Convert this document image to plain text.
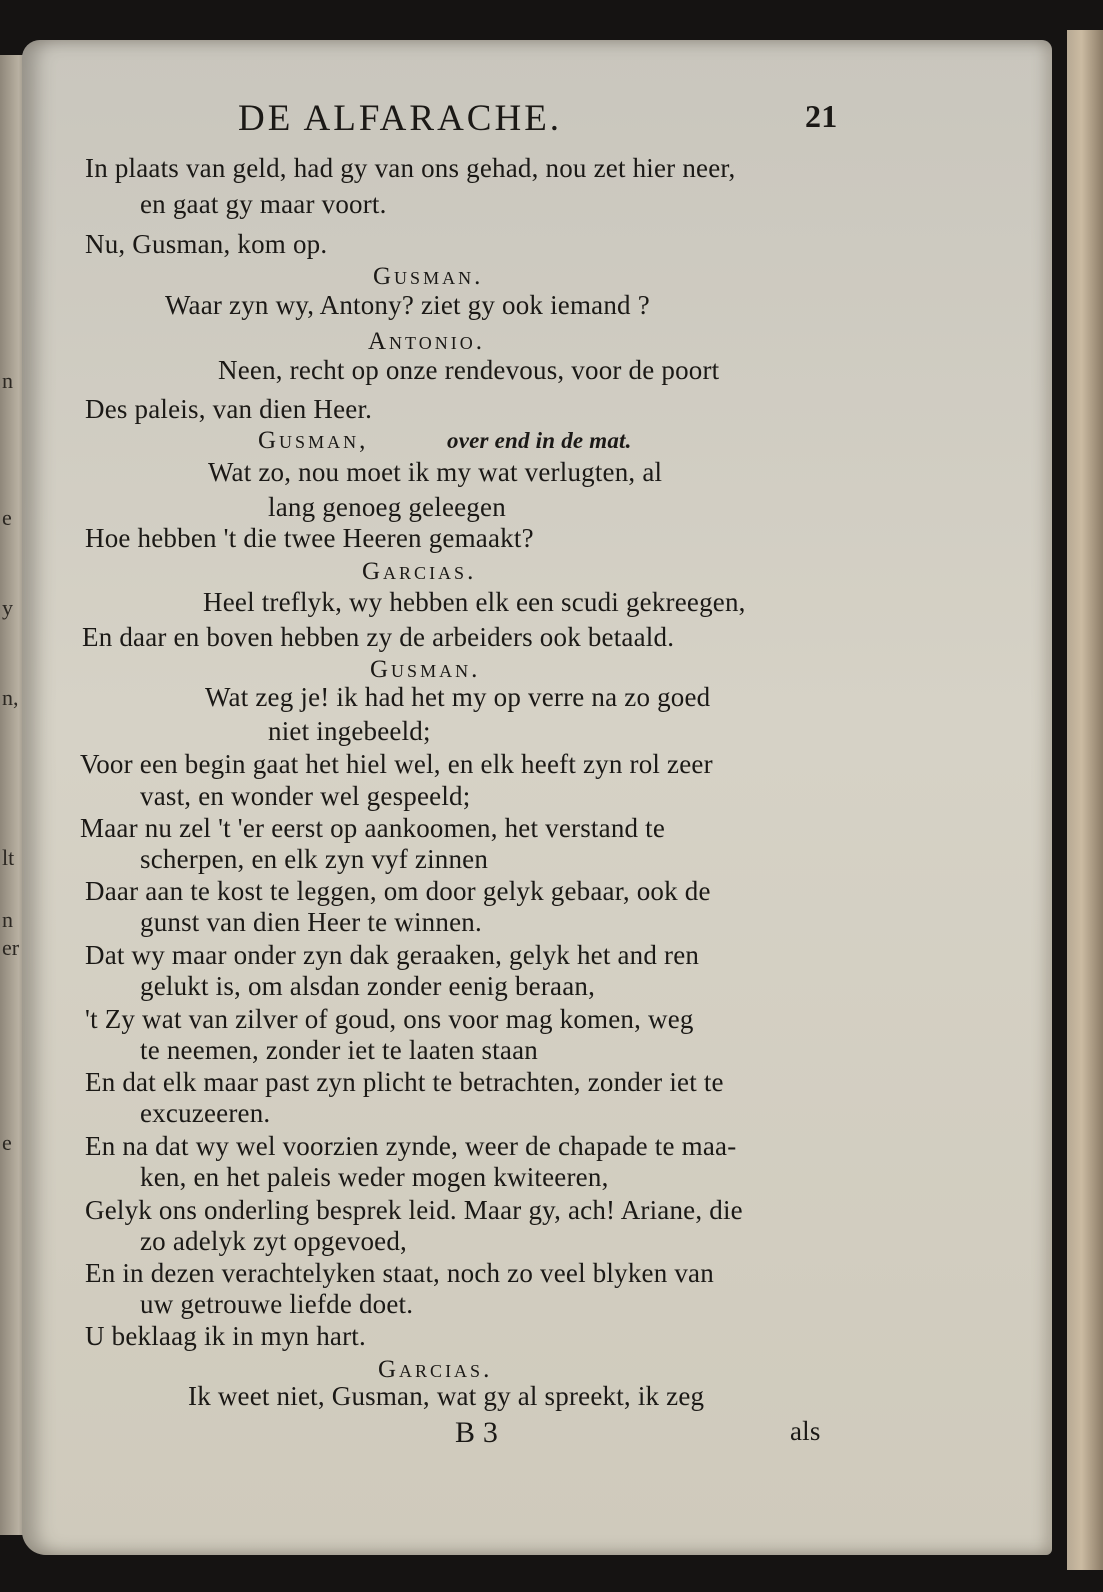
n
e
y
n,
lt
n
er
e
DE ALFARACHE.	21
In plaats van geld, had gy van ons gehad, nou zet hier neer,
en gaat gy maar voort.
Nu, Gusman, kom op.
Gusman.
Waar zyn wy, Antony? ziet gy ook iemand ?
Antonio.
Neen, recht op onze rendevous, voor de poort
Des paleis, van dien Heer.
Gusman,	over end in de mat.
Wat zo, nou moet ik my wat verlugten, al
lang genoeg geleegen
Hoe hebben 't die twee Heeren gemaakt?
Garcias.
Heel treflyk, wy hebben elk een scudi gekreegen,
En daar en boven hebben zy de arbeiders ook betaald.
Gusman.
Wat zeg je! ik had het my op verre na zo goed
niet ingebeeld;
Voor een begin gaat het hiel wel, en elk heeft zyn rol zeer
vast, en wonder wel gespeeld;
Maar nu zel 't 'er eerst op aankoomen, het verstand te
scherpen, en elk zyn vyf zinnen
Daar aan te kost te leggen, om door gelyk gebaar, ook de
gunst van dien Heer te winnen.
Dat wy maar onder zyn dak geraaken, gelyk het and ren
gelukt is, om alsdan zonder eenig beraan,
't Zy wat van zilver of goud, ons voor mag komen, weg
te neemen, zonder iet te laaten staan
En dat elk maar past zyn plicht te betrachten, zonder iet te
excuzeeren.
En na dat wy wel voorzien zynde, weer de chapade te maa-
ken, en het paleis weder mogen kwiteeren,
Gelyk ons onderling besprek leid. Maar gy, ach! Ariane, die
zo adelyk zyt opgevoed,
En in dezen verachtelyken staat, noch zo veel blyken van
uw getrouwe liefde doet.
U beklaag ik in myn hart.
Garcias.
Ik weet niet, Gusman, wat gy al spreekt, ik zeg
B 3	als
